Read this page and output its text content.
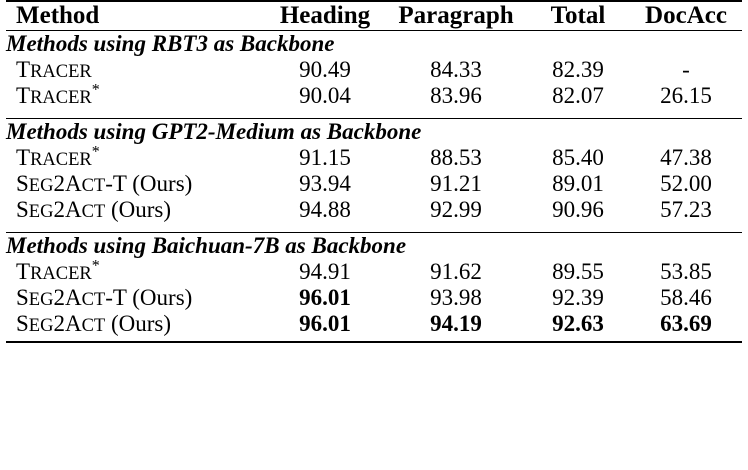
Method	Heading	Paragraph	Total	DocAcc

Methods using RBT3 as Backbone				
TRACER	90.49	84.33	82.39	-
TRACER*	90.04	83.96	82.07	26.15

Methods using GPT2-Medium as Backbone				
TRACER*	91.15	88.53	85.40	47.38
SEG2ACT-T (Ours)	93.94	91.21	89.01	52.00
SEG2ACT (Ours)	94.88	92.99	90.96	57.23

Methods using Baichuan-7B as Backbone				
TRACER*	94.91	91.62	89.55	53.85
SEG2ACT-T (Ours)	96.01	93.98	92.39	58.46
SEG2ACT (Ours)	96.01	94.19	92.63	63.69
